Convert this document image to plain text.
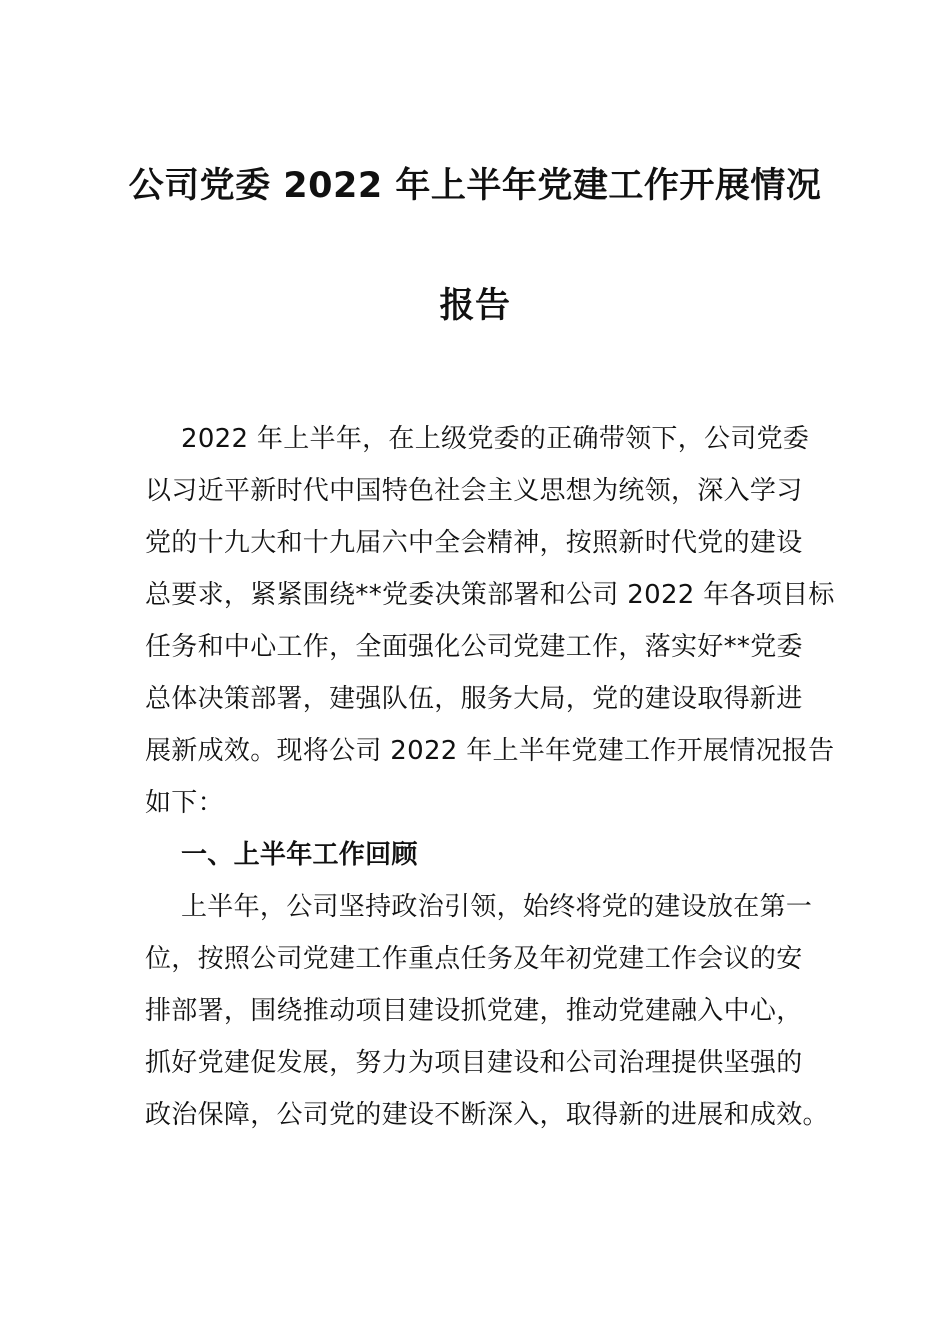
公司党委 2022 年上半年党建工作开展情况
报告
2022 年上半年，在上级党委的正确带领下，公司党委
以习近平新时代中国特色社会主义思想为统领，深入学习
党的十九大和十九届六中全会精神，按照新时代党的建设
总要求，紧紧围绕**党委决策部署和公司 2022 年各项目标
任务和中心工作，全面强化公司党建工作，落实好**党委
总体决策部署，建强队伍，服务大局，党的建设取得新进
展新成效。现将公司 2022 年上半年党建工作开展情况报告
如下：
一、上半年工作回顾
上半年，公司坚持政治引领，始终将党的建设放在第一
位，按照公司党建工作重点任务及年初党建工作会议的安
排部署，围绕推动项目建设抓党建，推动党建融入中心，
抓好党建促发展，努力为项目建设和公司治理提供坚强的
政治保障，公司党的建设不断深入，取得新的进展和成效。
